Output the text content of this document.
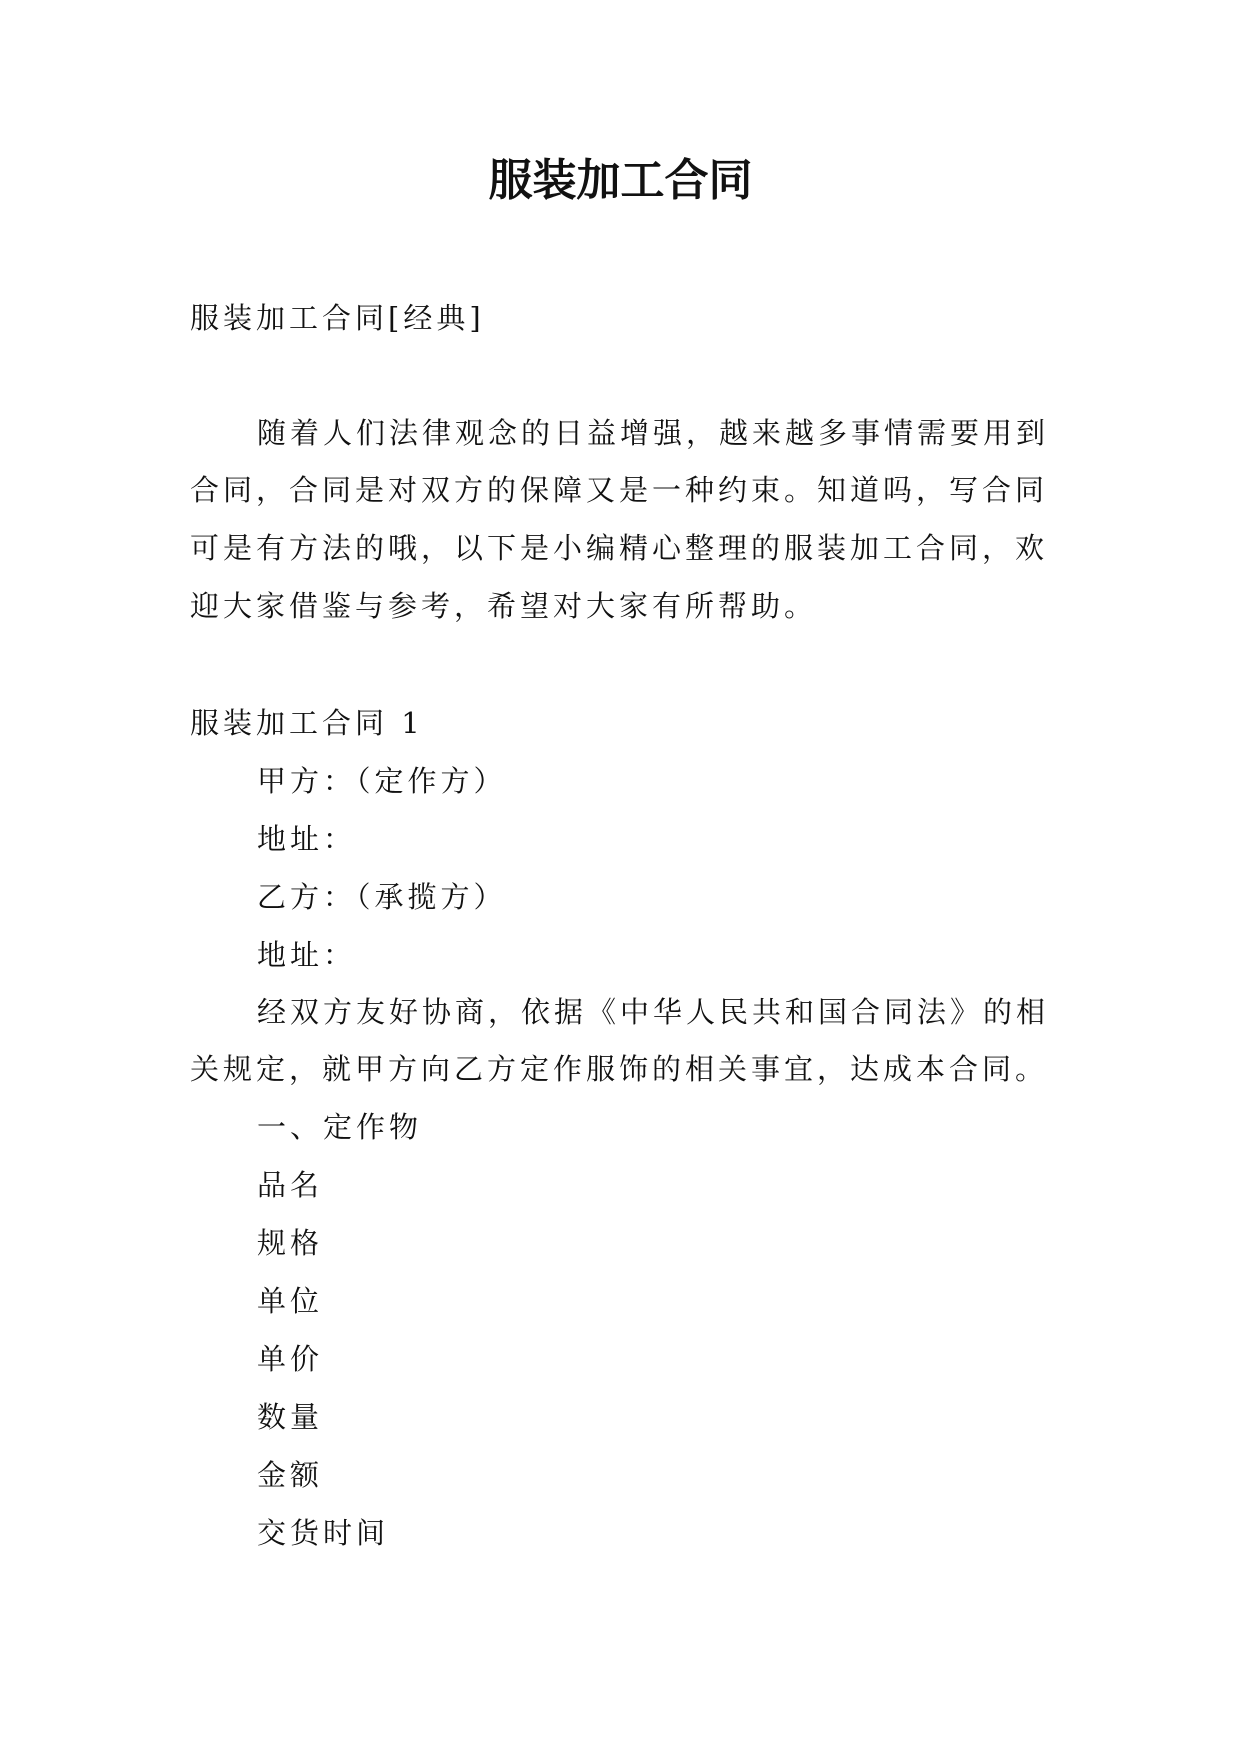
服装加工合同
服装加工合同[经典]
随着人们法律观念的日益增强，越来越多事情需要用到
合同，合同是对双方的保障又是一种约束。知道吗，写合同
可是有方法的哦，以下是小编精心整理的服装加工合同，欢
迎大家借鉴与参考，希望对大家有所帮助。
服装加工合同 1
甲方：（定作方）
地址：
乙方：（承揽方）
地址：
经双方友好协商，依据《中华人民共和国合同法》的相
关规定，就甲方向乙方定作服饰的相关事宜，达成本合同。
一、定作物
品名
规格
单位
单价
数量
金额
交货时间
